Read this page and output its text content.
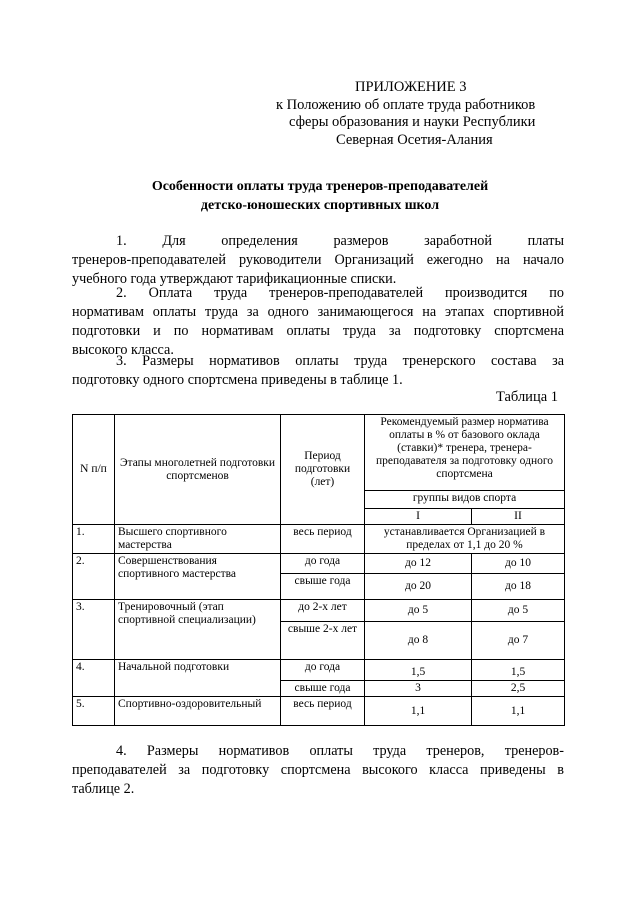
ПРИЛОЖЕНИЕ 3
к Положению об оплате труда работников
сферы образования и науки Республики
Северная Осетия-Алания
Особенности оплаты труда тренеров-преподавателей
детско-юношеских спортивных школ
1. Для определения размеров заработной платы
тренеров-преподавателей руководители Организаций ежегодно на начало
учебного года утверждают тарификационные списки.
2. Оплата труда тренеров-преподавателей производится по
нормативам оплаты труда за одного занимающегося на этапах спортивной
подготовки и по нормативам оплаты труда за подготовку спортсмена
высокого класса.
3. Размеры нормативов оплаты труда тренерского состава за
подготовку одного спортсмена приведены в таблице 1.
Таблица 1
N п/п	Этапы многолетней подготовки спортсменов	Период подготовки (лет)	Рекомендуемый размер норматива оплаты в % от базового оклада (ставки)* тренера, тренера-преподавателя за подготовку одного спортсмена	
			группы видов спорта	
			I	II
1.	Высшего спортивного мастерства	весь период	устанавливается Организацией в пределах от 1,1 до 20 %	
2.	Совершенствования спортивного мастерства	до года	до 12	до 10
		свыше года	до 20	до 18
3.	Тренировочный (этап спортивной специализации)	до 2-х лет	до 5	до 5
		свыше 2-х лет	до 8	до 7
4.	Начальной подготовки	до года	1,5	1,5
		свыше года	3	2,5
5.	Спортивно-оздоровительный	весь период	1,1	1,1
4. Размеры нормативов оплаты труда тренеров, тренеров-
преподавателей за подготовку спортсмена высокого класса приведены в
таблице 2.
